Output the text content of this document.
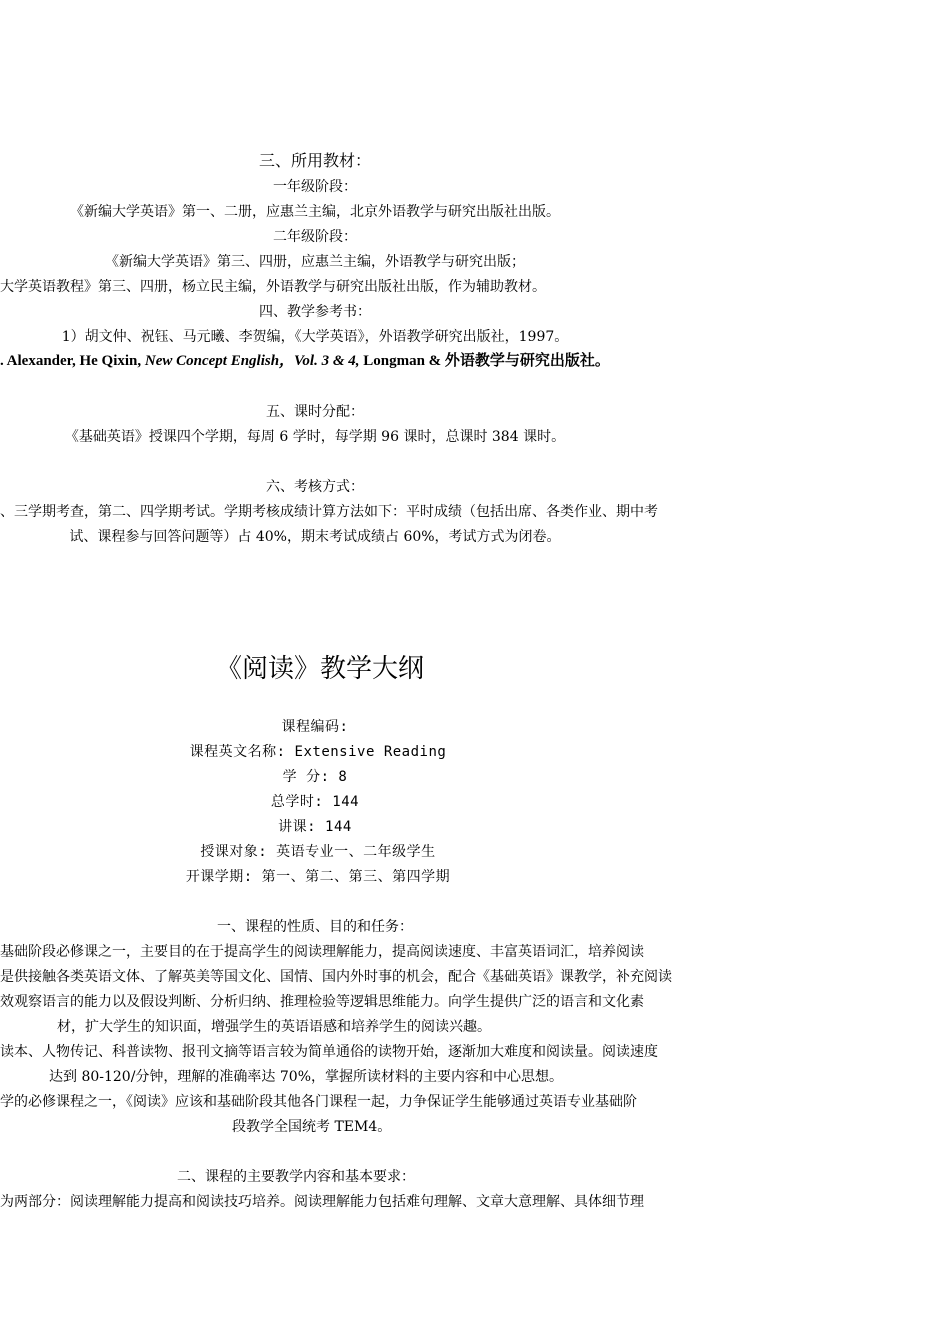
三、所用教材：
一年级阶段：
《新编大学英语》第一、二册，应惠兰主编，北京外语教学与研究出版社出版。
二年级阶段：
《新编大学英语》第三、四册，应惠兰主编，外语教学与研究出版；
大学英语教程》第三、四册，杨立民主编，外语教学与研究出版社出版，作为辅助教材。
四、教学参考书：
1）胡文仲、祝钰、马元曦、李贺编，《大学英语》，外语教学研究出版社，1997。
. Alexander, He Qixin, New Concept English，Vol. 3 & 4, Longman & 外语教学与研究出版社。
五、课时分配：
《基础英语》授课四个学期，每周 6 学时，每学期 96 课时，总课时 384 课时。
六、考核方式：
、三学期考查，第二、四学期考试。学期考核成绩计算方法如下：平时成绩（包括出席、各类作业、期中考
试、课程参与回答问题等）占 40%，期末考试成绩占 60%，考试方式为闭卷。
《阅读》教学大纲
课程编码:
课程英文名称: Extensive Reading
学 分: 8
总学时: 144
讲课: 144
授课对象: 英语专业一、二年级学生
开课学期: 第一、第二、第三、第四学期
一、课程的性质、目的和任务：
基础阶段必修课之一，主要目的在于提高学生的阅读理解能力，提高阅读速度、丰富英语词汇，培养阅读
是供接触各类英语文体、了解英美等国文化、国情、国内外时事的机会，配合《基础英语》课教学，补充阅读
效观察语言的能力以及假设判断、分析归纳、推理检验等逻辑思维能力。向学生提供广泛的语言和文化素
材，扩大学生的知识面，增强学生的英语语感和培养学生的阅读兴趣。
读本、人物传记、科普读物、报刊文摘等语言较为简单通俗的读物开始，逐渐加大难度和阅读量。阅读速度
达到 80-120/分钟，理解的准确率达 70%，掌握所读材料的主要内容和中心思想。
学的必修课程之一，《阅读》应该和基础阶段其他各门课程一起，力争保证学生能够通过英语专业基础阶
段教学全国统考 TEM4。
二、课程的主要教学内容和基本要求：
为两部分：阅读理解能力提高和阅读技巧培养。阅读理解能力包括难句理解、文章大意理解、具体细节理
